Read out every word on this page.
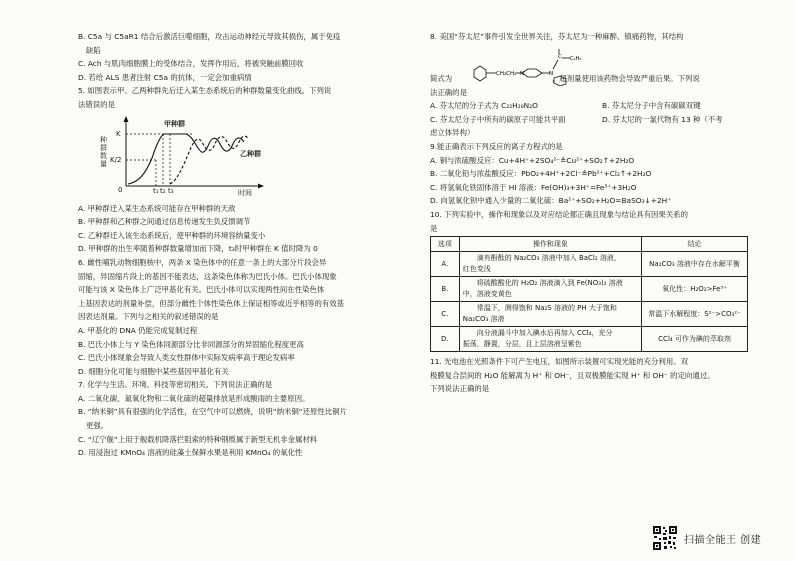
B. C5a 与 C5aR1 结合后激活巨噬细胞，攻击运动神经元导致其损伤，属于免疫
缺陷
C. Ach 与肌肉细胞膜上的受体结合，发挥作用后，将被突触前膜回收
D. 若给 ALS 患者注射 C5a 的抗体，一定会加重病情
5. 如图表示甲、乙两种群先后迁入某生态系统后的种群数量变化曲线。下列说
法错误的是
种群数量
K
K/2
甲种群
乙种群
0	t₁ t₂ t₃	时间
A. 甲种群迁入某生态系统可能存在甲种群的天敌
B. 甲种群和乙种群之间通过信息传递发生负反馈调节
C. 乙种群迁入该生态系统后，使甲种群的环境容纳量变小
D. 甲种群的出生率随着种群数量增加而下降，t₃时甲种群在 K 值时降为 0
6. 雌性哺乳动物细胞核中，两条 X 染色体中的任意一条上的大部分片段会异
固缩，异固缩片段上的基因不能表达，这条染色体称为巴氏小体。巴氏小体现象
可能与该 X 染色体上广泛甲基化有关。巴氏小体可以实现两性间在性染色体
上基因表达的剂量补偿，但部分雌性个体性染色体上保证相等或近乎相等的有效基
因表达剂量。下列与之相关的叙述错误的是
A. 甲基化的 DNA 仍能完成复制过程
B. 巴氏小体上与 Y 染色体同源部分比非同源部分的异固缩化程度更高
C. 巴氏小体现象会导致人类女性群体中实际发病率高于理论发病率
D. 细胞分化可能与细胞中某些基因甲基化有关
7. 化学与生活、环境、科技等密切相关。下列说法正确的是
A. 二氧化碳、氮氧化物和二氧化硫的超量排放是形成酸雨的主要原因。
B. “纳米铜”具有很强的化学活性，在空气中可以燃烧，说明“纳米铜”还原性比铜片
更强。
C. “辽宁舰”上用于舰载机降落拦阻索的特种钢缆属于新型无机非金属材料
D. 用浸泡过 KMnO₄ 溶液的硅藻土保鲜水果是利用 KMnO₄ 的氧化性
8. 美国“芬太尼”事件引发全世界关注，芬太尼为一种麻醉、镇痛药物，其结构
CH₂CH₂ N	N
C C₂H₅
简式为	，超剂量使用该药物会导致严重后果。下列说
法正确的是
A. 芬太尼的分子式为 C₂₂H₂₈N₂O	B. 芬太尼分子中含有碳碳双键
C. 芬太尼分子中所有的碳原子可能共平面	D. 芬太尼的一氯代物有 13 种（不考
虑立体异构）
9.能正确表示下列反应的离子方程式的是
A. 铜与浓硫酸反应：Cu+4H⁺+2SO₄²⁻≜Cu²⁺+SO₂↑+2H₂O
B. 二氧化铅与浓盐酸反应：PbO₂+4H⁺+2Cl⁻≜Pb²⁺+Cl₂↑+2H₂O
C. 将氢氧化铁固体溶于 HI 溶液：Fe(OH)₃+3H⁺=Fe³⁺+3H₂O
D. 向氢氧化钡中通入少量的二氧化硫：Ba²⁺+SO₂+H₂O=BaSO₃↓+2H⁺
10. 下列实验中，操作和现象以及对应结论都正确且现象与结论具有因果关系的
是
选项	操作和现象	结论
A.	　　滴有酚酞的 Na₂CO₃ 溶液中加入 BaCl₂ 溶液，
红色变浅	Na₂CO₃ 溶液中存在水解平衡
B.	　　将硫酸酸化的 H₂O₂ 溶液滴入到 Fe(NO₃)₂ 溶液
中，溶液变黄色	氧化性：H₂O₂>Fe³⁺
C.	　　常温下，测得饱和 Na₂S 溶液的 PH 大于饱和
Na₂CO₃ 溶液	常温下水解程度：S²⁻>CO₃²⁻
D.	　　向分液漏斗中加入碘水后再加入 CCl₄，充分
振荡，静置，分层，且上层溶液呈紫色	CCl₄ 可作为碘的萃取剂
11. 光电池在光照条件下可产生电压，如图所示装置可实现光能的充分利用。双
极膜复合层间的 H₂O 能解离为 H⁺ 和 OH⁻，且双极膜能实现 H⁺ 和 OH⁻ 的定向通过。
下列说法正确的是
扫描全能王 创建
